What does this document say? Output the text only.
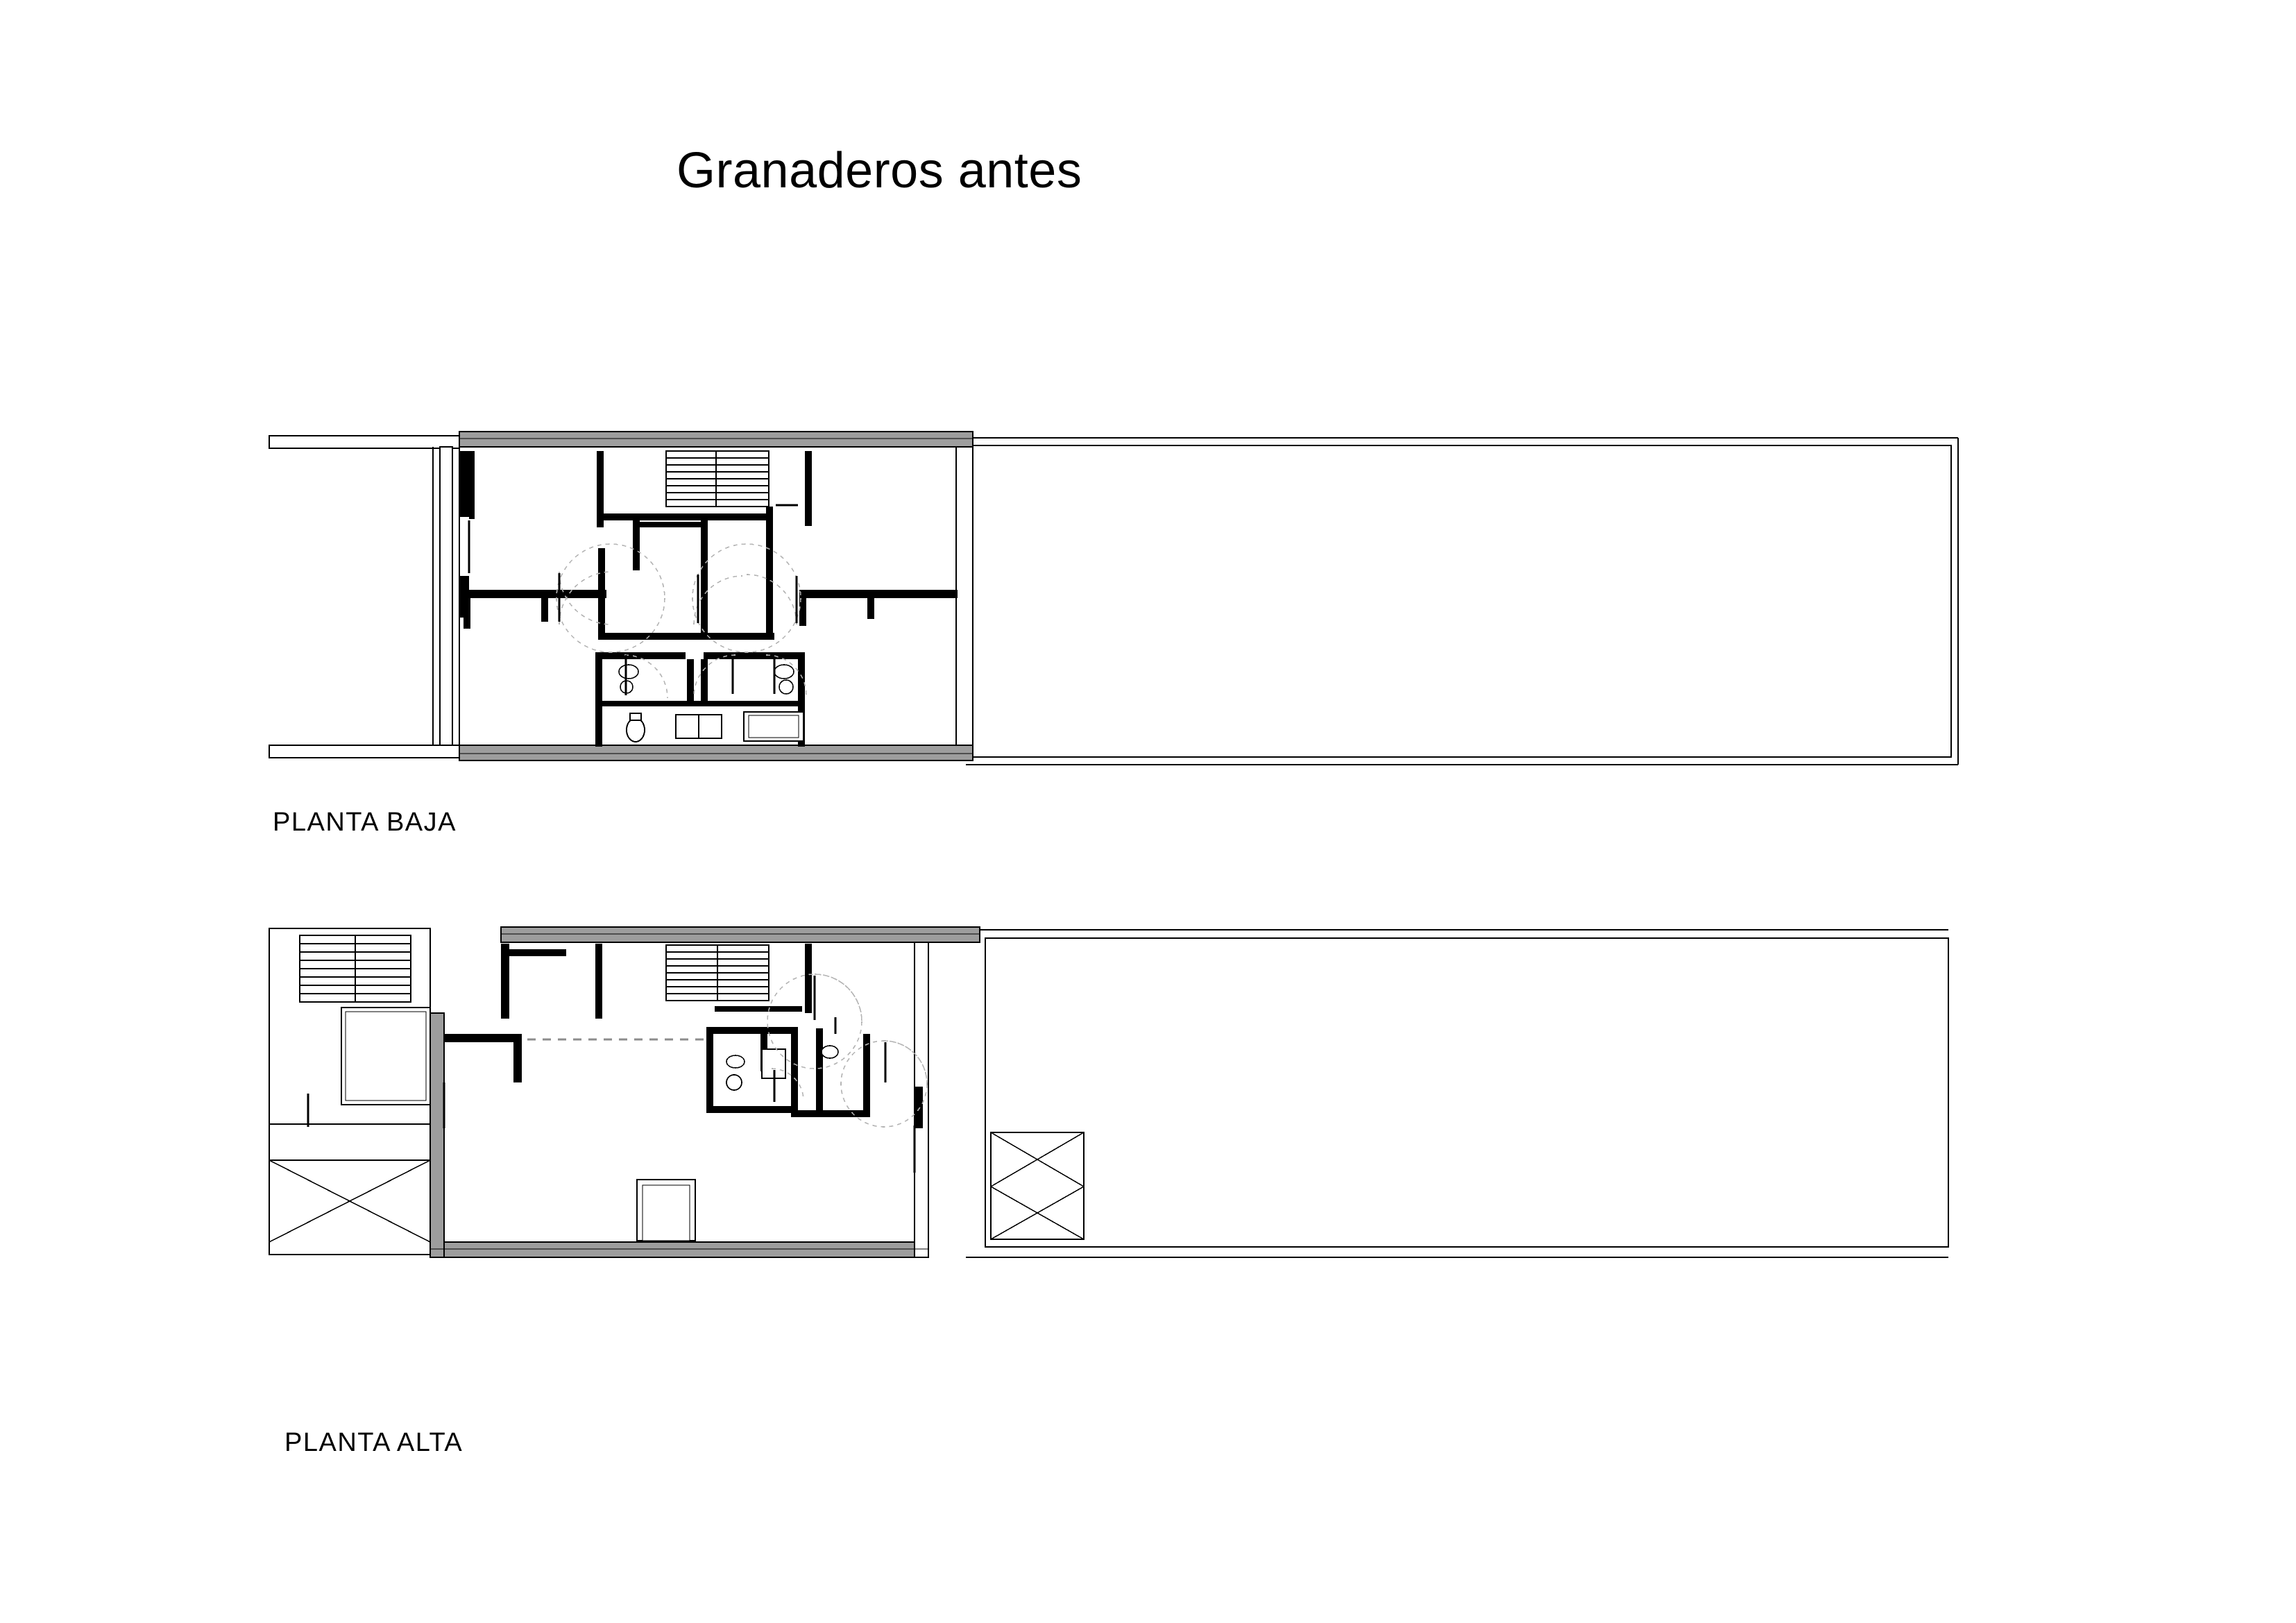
Granaderos antes
PLANTA BAJA
PLANTA ALTA
